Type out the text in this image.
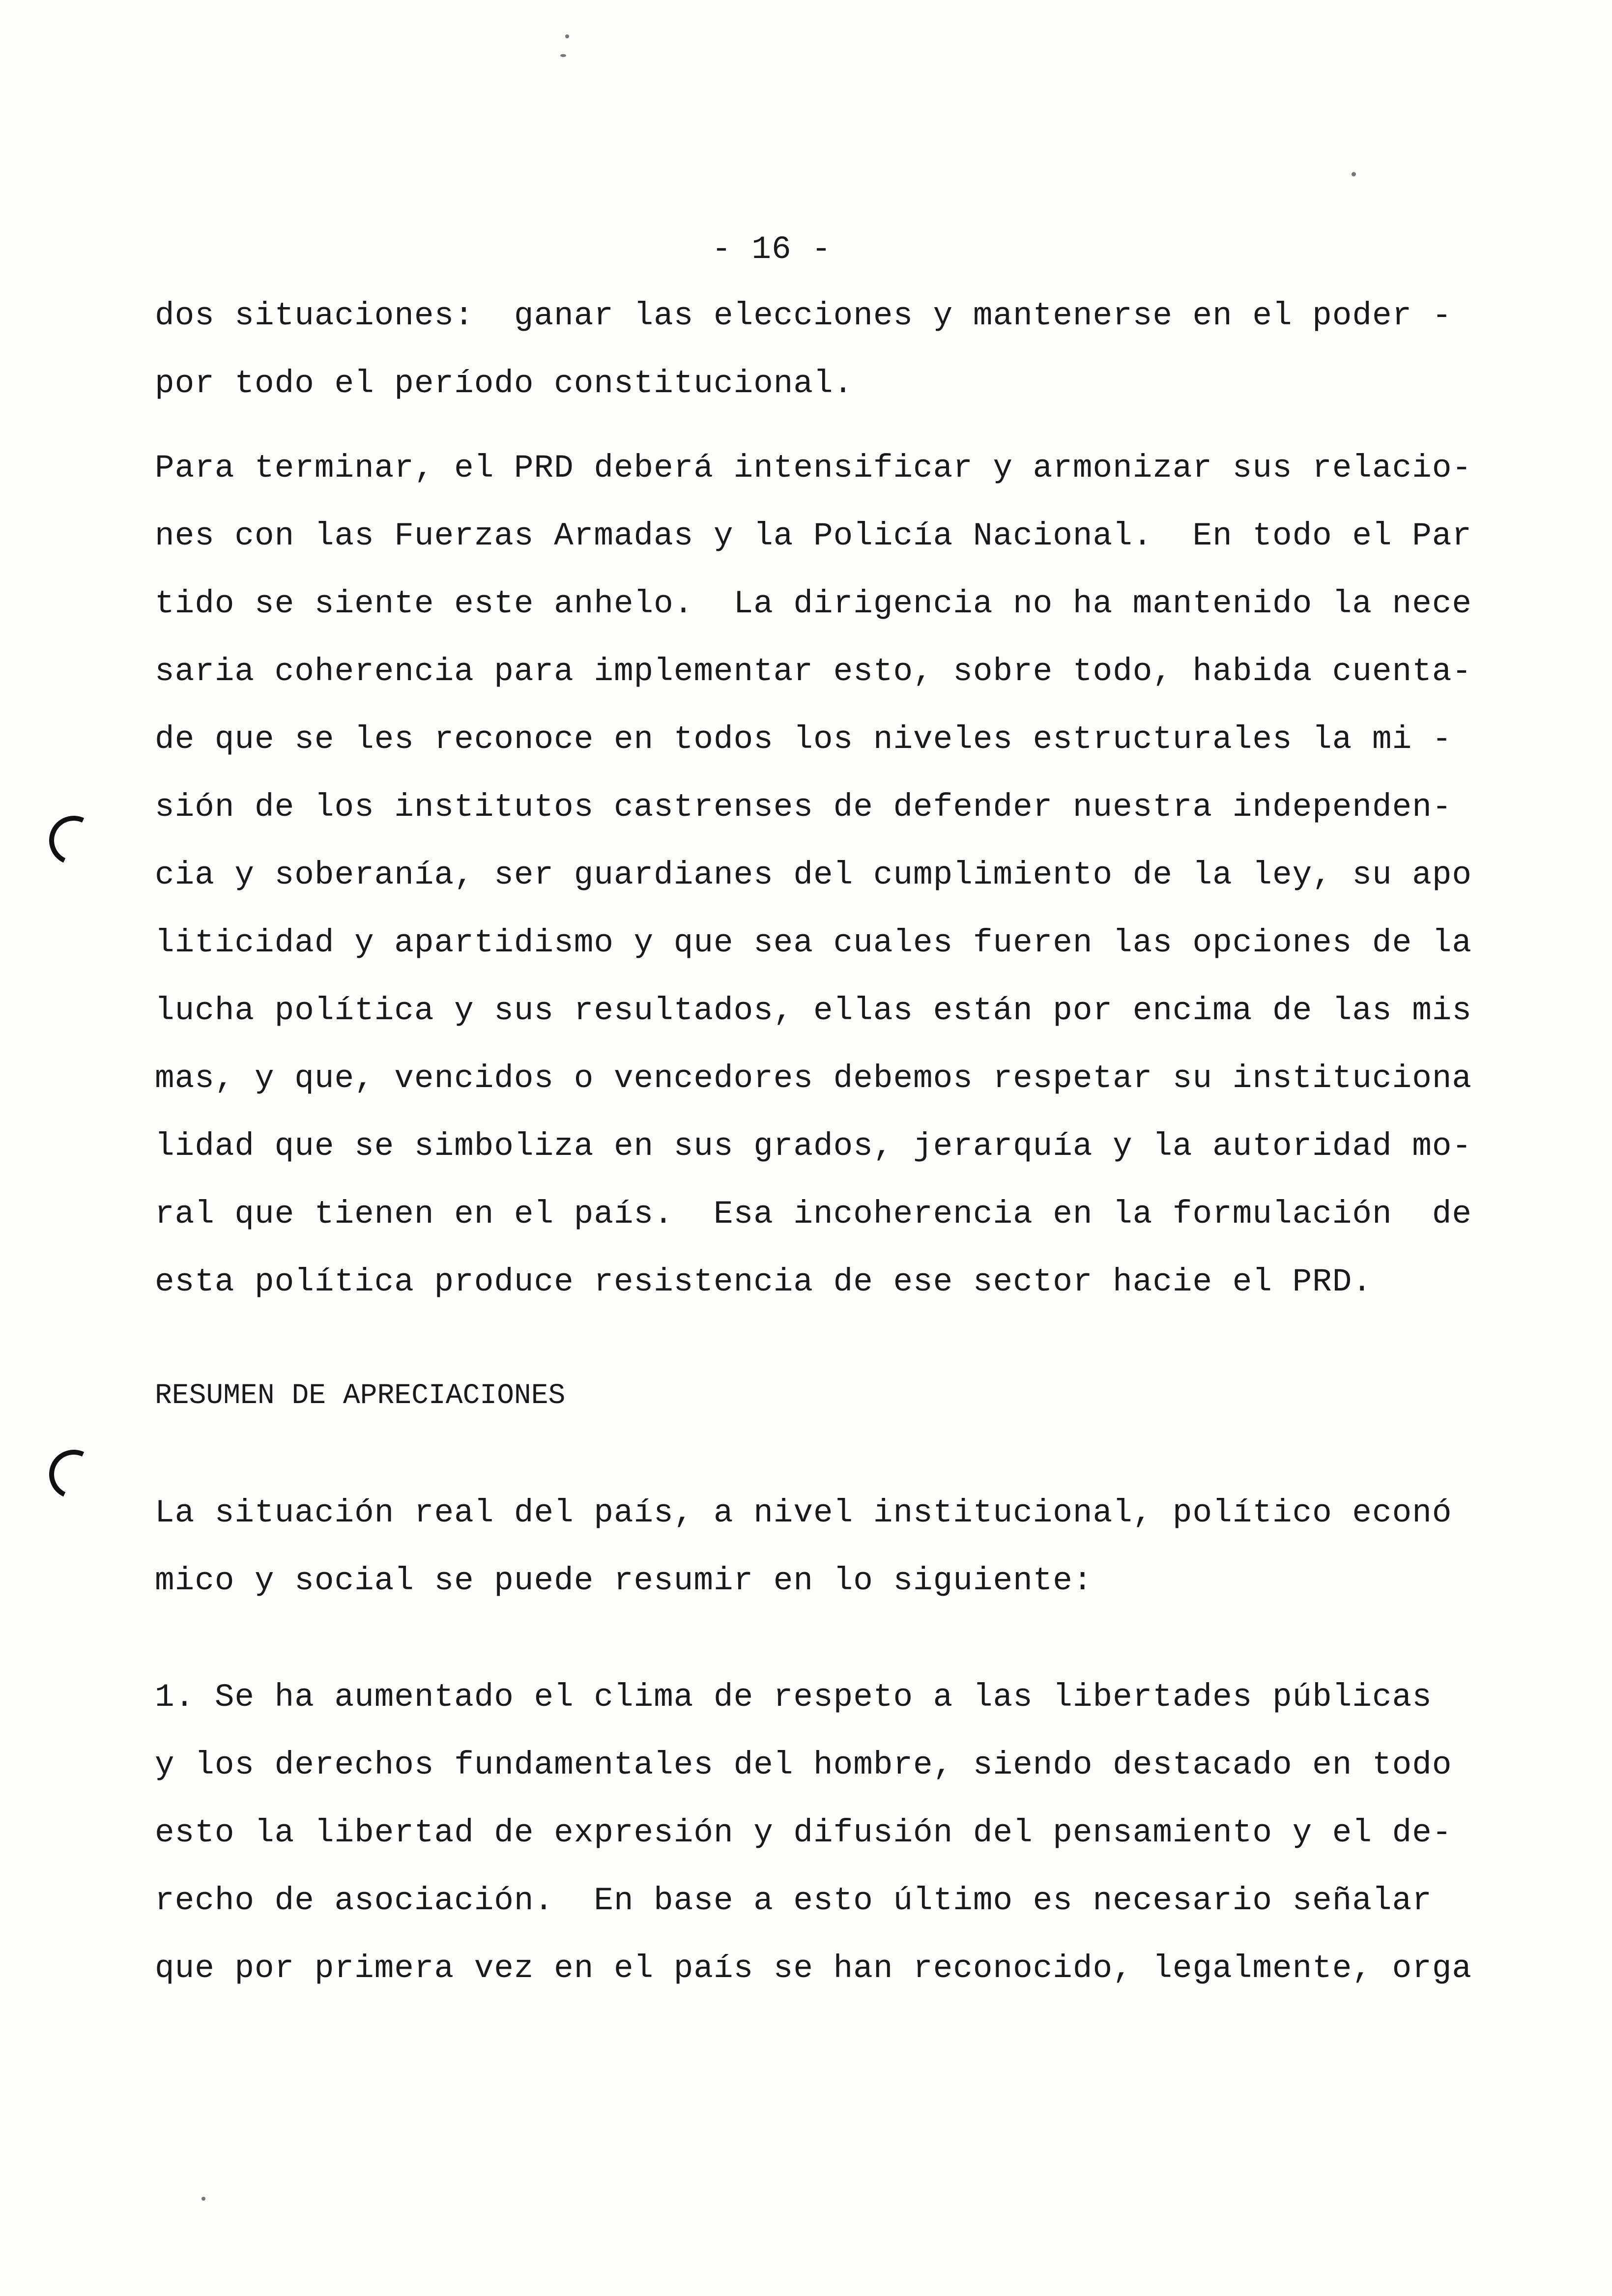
- 16 -
dos situaciones:  ganar las elecciones y mantenerse en el poder -
por todo el período constitucional.
Para terminar, el PRD deberá intensificar y armonizar sus relacio-
nes con las Fuerzas Armadas y la Policía Nacional.  En todo el Par
tido se siente este anhelo.  La dirigencia no ha mantenido la nece
saria coherencia para implementar esto, sobre todo, habida cuenta-
de que se les reconoce en todos los niveles estructurales la mi -
sión de los institutos castrenses de defender nuestra independen-
cia y soberanía, ser guardianes del cumplimiento de la ley, su apo
liticidad y apartidismo y que sea cuales fueren las opciones de la
lucha política y sus resultados, ellas están por encima de las mis
mas, y que, vencidos o vencedores debemos respetar su instituciona
lidad que se simboliza en sus grados, jerarquía y la autoridad mo-
ral que tienen en el país.  Esa incoherencia en la formulación  de
esta política produce resistencia de ese sector hacie el PRD.
RESUMEN DE APRECIACIONES
La situación real del país, a nivel institucional, político econó
mico y social se puede resumir en lo siguiente:
1. Se ha aumentado el clima de respeto a las libertades públicas
y los derechos fundamentales del hombre, siendo destacado en todo
esto la libertad de expresión y difusión del pensamiento y el de-
recho de asociación.  En base a esto último es necesario señalar
que por primera vez en el país se han reconocido, legalmente, orga
